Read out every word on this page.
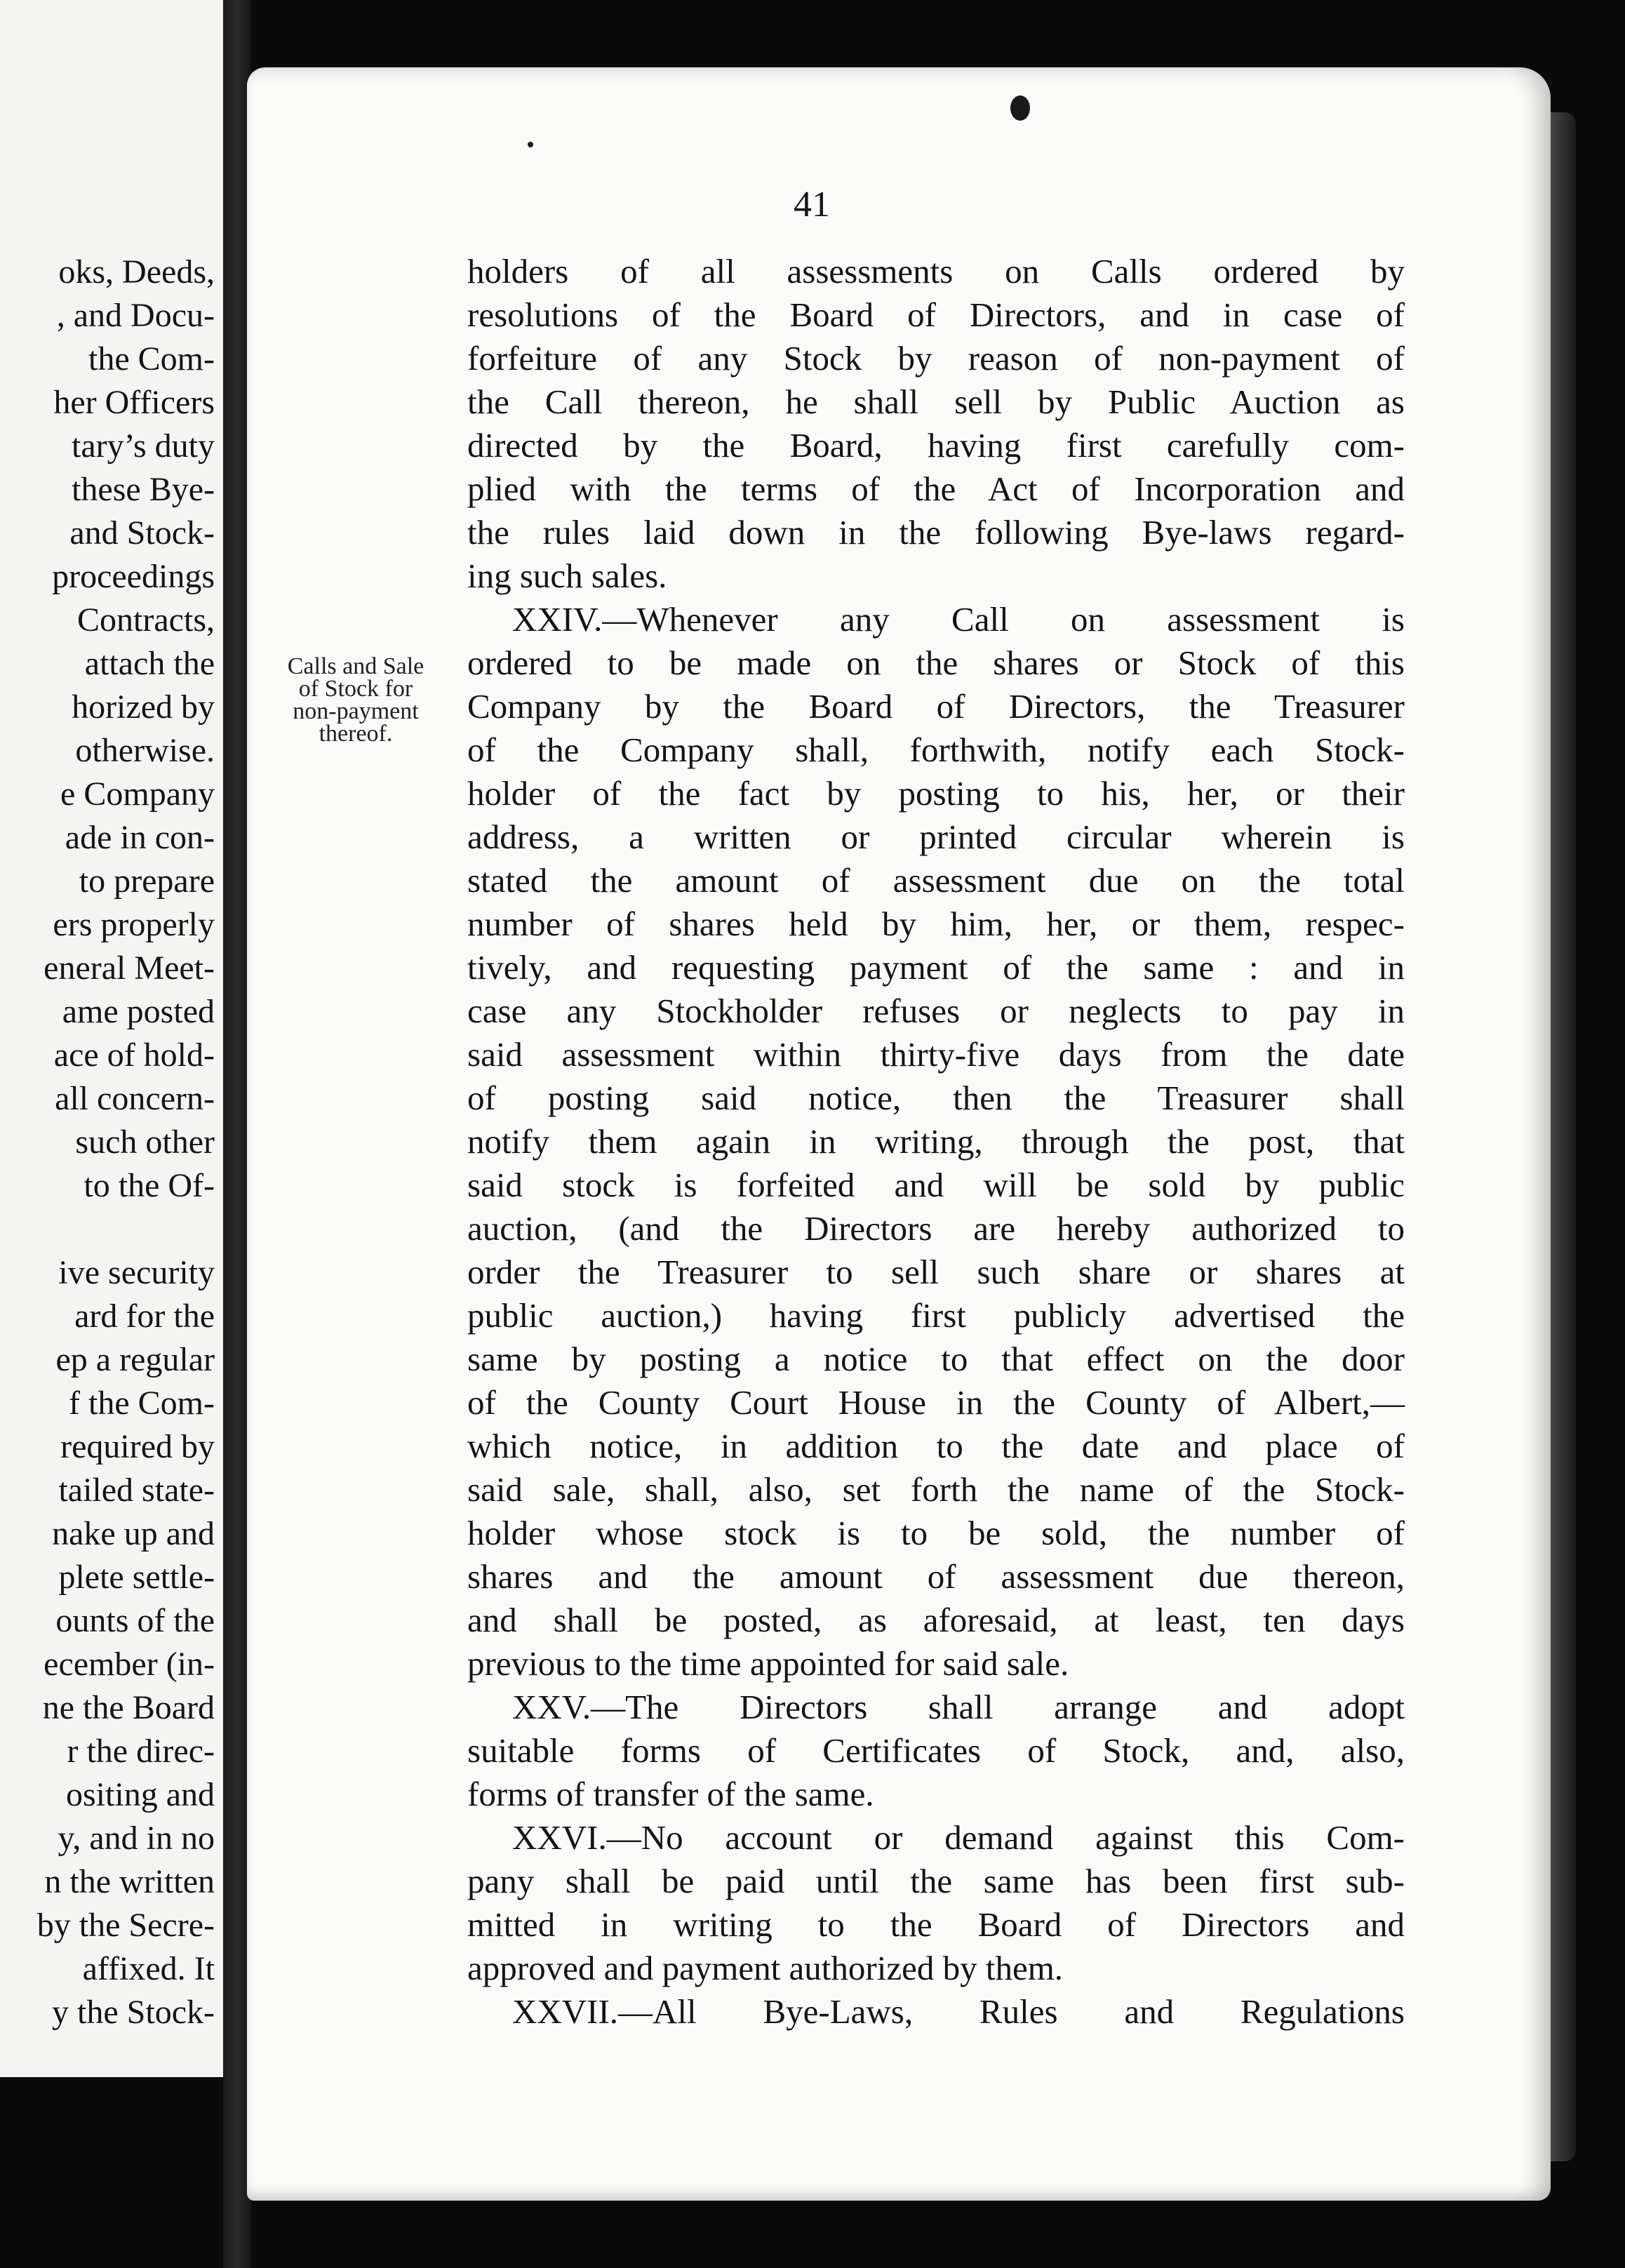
oks, Deeds,
, and Docu-
the Com-
her Officers
tary’s duty
these Bye-
and Stock-
proceedings
Contracts,
attach the
horized by
otherwise.
e Company
ade in con-
to prepare
ers properly
eneral Meet-
ame posted
ace of hold-
all concern-
such other
to the Of-
ive security
ard for the
ep a regular
f the Com-
required by
tailed state-
nake up and
plete settle-
ounts of the
ecember (in-
ne the Board
r the direc-
ositing and
y, and in no
n the written
by the Secre-
affixed. It
y the Stock-
41
Calls and Sale
of Stock for
non-payment
thereof.
holders of all assessments on Calls ordered by
resolutions of the Board of Directors, and in case of
forfeiture of any Stock by reason of non-payment of
the Call thereon, he shall sell by Public Auction as
directed by the Board, having first carefully com-
plied with the terms of the Act of Incorporation and
the rules laid down in the following Bye-laws regard-
ing such sales.
XXIV.—Whenever any Call on assessment is
ordered to be made on the shares or Stock of this
Company by the Board of Directors, the Treasurer
of the Company shall, forthwith, notify each Stock-
holder of the fact by posting to his, her, or their
address, a written or printed circular wherein is
stated the amount of assessment due on the total
number of shares held by him, her, or them, respec-
tively, and requesting payment of the same : and in
case any Stockholder refuses or neglects to pay in
said assessment within thirty-five days from the date
of posting said notice, then the Treasurer shall
notify them again in writing, through the post, that
said stock is forfeited and will be sold by public
auction, (and the Directors are hereby authorized to
order the Treasurer to sell such share or shares at
public auction,) having first publicly advertised the
same by posting a notice to that effect on the door
of the County Court House in the County of Albert,—
which notice, in addition to the date and place of
said sale, shall, also, set forth the name of the Stock-
holder whose stock is to be sold, the number of
shares and the amount of assessment due thereon,
and shall be posted, as aforesaid, at least, ten days
previous to the time appointed for said sale.
XXV.—The Directors shall arrange and adopt
suitable forms of Certificates of Stock, and, also,
forms of transfer of the same.
XXVI.—No account or demand against this Com-
pany shall be paid until the same has been first sub-
mitted in writing to the Board of Directors and
approved and payment authorized by them.
XXVII.—All Bye-Laws, Rules and Regulations
